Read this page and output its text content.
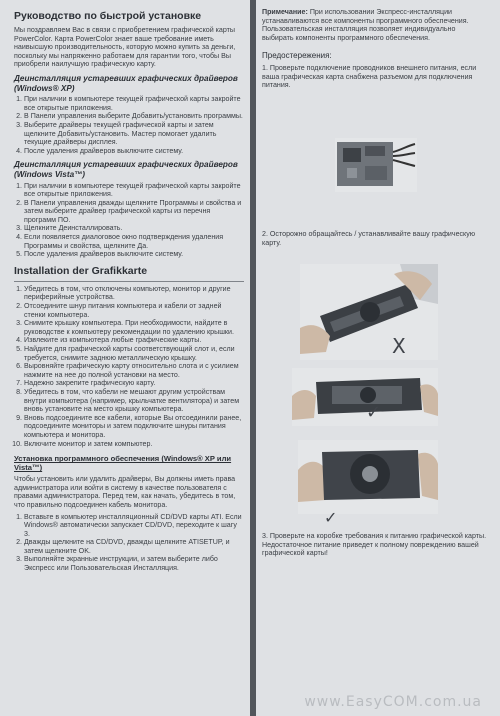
Руководство по быстрой установке

Мы поздравляем Вас в связи с приобретением графической карты PowerColor. Карта PowerColor знает ваше требование иметь наивысшую производительность, которую можно купить за деньги, поскольку мы напряженно работаем для гарантии того, чтобы Вы приобрели наилучшую графическую карту.

Деинсталляция устаревших графических драйверов (Windows® XP)
1. При наличии в компьютере текущей графической карты закройте все открытые приложения.
2. В Панели управления выберите Добавить/установить программы.
3. Выберите драйверы текущей графической карты и затем щелкните Добавить/установить. Мастер помогает удалить текущие драйверы дисплея.
4. После удаления драйверов выключите систему.
Деинсталляция устаревших графических драйверов (Windows Vista™)
1. При наличии в компьютере текущей графической карты закройте все открытые приложения.
2. В Панели управления дважды щелкните Программы и свойства и затем выберите драйвер графической карты из перечня программ ПО.
3. Щелкните Деинсталлировать.
4. Если появляется диалоговое окно подтверждения удаления Программы и свойства, щелкните Да.
5. После удаления драйверов выключите систему.
Installation der Grafikkarte
1. Убедитесь в том, что отключены компьютер, монитор и другие периферийные устройства.
2. Отсоедините шнур питания компьютера и кабели от задней стенки компьютера.
3. Снимите крышку компьютера. При необходимости, найдите в руководстве к компьютеру рекомендации по удалению крышки.
4. Извлеките из компьютера любые графические карты.
5. Найдите для графической карты соответствующий слот и, если требуется, снимите заднюю металлическую крышку.
6. Выровняйте графическую карту относительно слота и с усилием нажмите на нее до полной установки на место.
7. Надежно закрепите графическую карту.
8. Убедитесь в том, что кабели не мешают другим устройствам внутри компьютера (например, крыльчатке вентилятора) и затем вновь установите на место крышку компьютера.
9. Вновь подсоедините все кабели, которые Вы отсоединили ранее, подсоедините мониторы и затем подключите шнуры питания компьютера и монитора.
10. Включите монитор и затем компьютер.
Установка программного обеспечения (Windows® XP или Vista™)

Чтобы установить или удалить драйверы, Вы должны иметь права администратора или войти в систему в качестве пользователя с правами администратора. Перед тем, как начать, убедитесь в том, что правильно подсоединен кабель монитора.

1. Вставьте в компьютер инсталляционный CD/DVD карты ATI. Если Windows® автоматически запускает CD/DVD, переходите к шагу 3.
2. Дважды щелкните на CD/DVD, дважды щелкните ATISETUP, и затем щелкните OK.
3. Выполняйте экранные инструкции, и затем выберите либо Экспресс или Пользовательская Инсталляция.

Примечание: При использовании Экспресс-инсталляции устанавливаются все компоненты программного обеспечения. Пользовательская инсталляция позволяет индивидуально выбирать компоненты программного обеспечения.

Предостережения:
1. Проверьте подключение проводников внешнего питания, если ваша графическая карта снабжена разъемом для подключения питания.
2. Осторожно обращайтесь / устанавливайте вашу графическую карту.
X
✓
✓
3. Проверьте на коробке требования к питанию графической карты. Недостаточное питание приведет к полному повреждению вашей графической карты!
www.EasyCOM.com.ua
